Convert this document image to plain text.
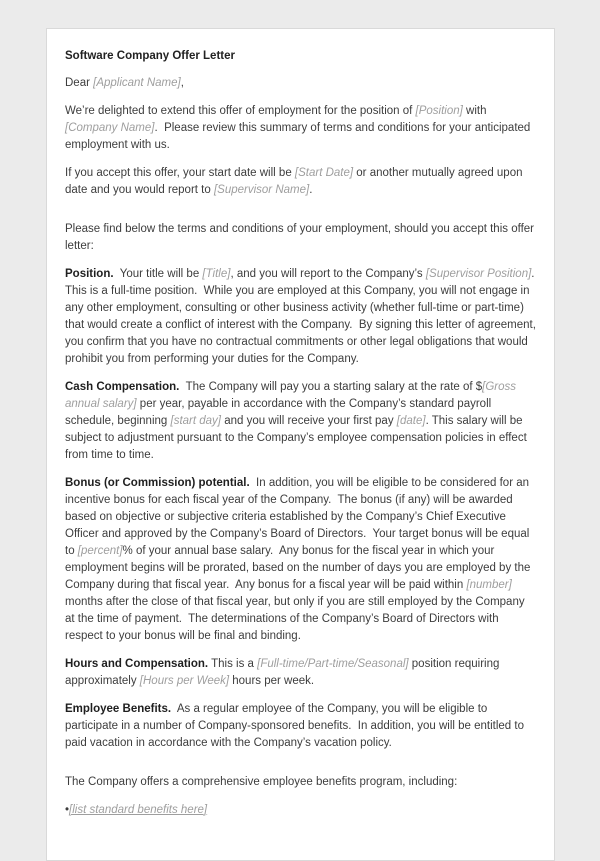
Software Company Offer Letter

Dear [Applicant Name],

We’re delighted to extend this offer of employment for the position of [Position] with [Company Name].  Please review this summary of terms and conditions for your anticipated employment with us.

If you accept this offer, your start date will be [Start Date] or another mutually agreed upon date and you would report to [Supervisor Name].

Please find below the terms and conditions of your employment, should you accept this offer letter:

Position.  Your title will be [Title], and you will report to the Company’s [Supervisor Position].  This is a full-time position.  While you are employed at this Company, you will not engage in any other employment, consulting or other business activity (whether full-time or part-time) that would create a conflict of interest with the Company.  By signing this letter of agreement, you confirm that you have no contractual commitments or other legal obligations that would prohibit you from performing your duties for the Company.

Cash Compensation.  The Company will pay you a starting salary at the rate of $[Gross annual salary] per year, payable in accordance with the Company’s standard payroll schedule, beginning [start day] and you will receive your first pay [date]. This salary will be subject to adjustment pursuant to the Company’s employee compensation policies in effect from time to time.

Bonus (or Commission) potential.  In addition, you will be eligible to be considered for an incentive bonus for each fiscal year of the Company.  The bonus (if any) will be awarded based on objective or subjective criteria established by the Company’s Chief Executive Officer and approved by the Company’s Board of Directors.  Your target bonus will be equal to [percent]% of your annual base salary.  Any bonus for the fiscal year in which your employment begins will be prorated, based on the number of days you are employed by the Company during that fiscal year.  Any bonus for a fiscal year will be paid within [number] months after the close of that fiscal year, but only if you are still employed by the Company at the time of payment.  The determinations of the Company’s Board of Directors with respect to your bonus will be final and binding.

Hours and Compensation. This is a [Full-time/Part-time/Seasonal] position requiring approximately [Hours per Week] hours per week.

Employee Benefits.  As a regular employee of the Company, you will be eligible to participate in a number of Company-sponsored benefits.  In addition, you will be entitled to paid vacation in accordance with the Company’s vacation policy.

The Company offers a comprehensive employee benefits program, including:

•[list standard benefits here]
